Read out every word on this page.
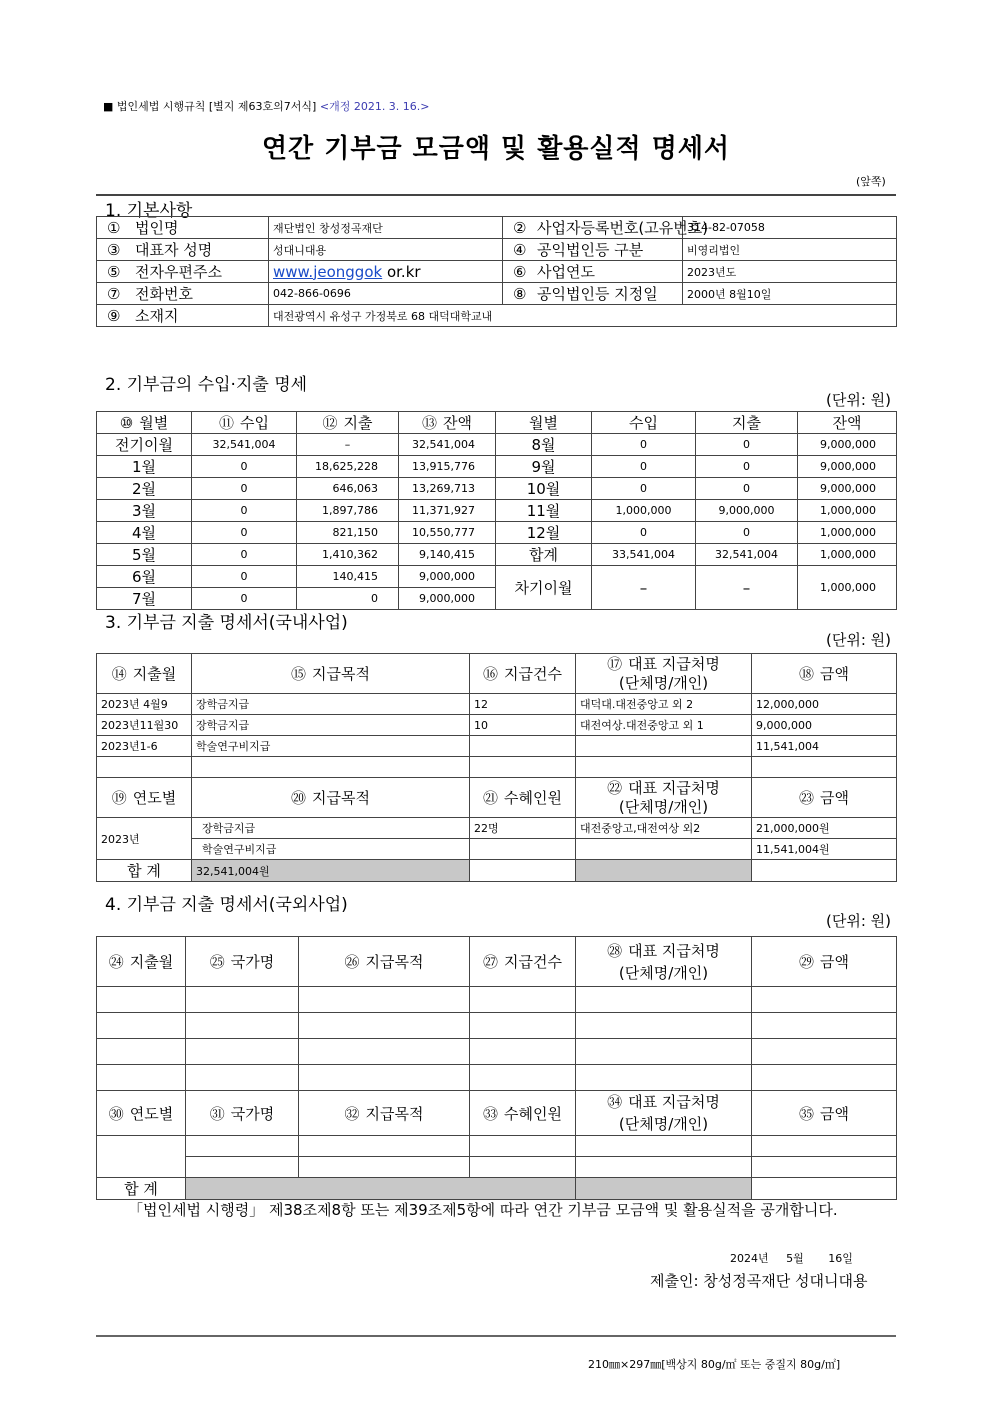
■ 법인세법 시행규칙 [별지 제63호의7서식] <개정 2021. 3. 16.>
연간 기부금 모금액 및 활용실적 명세서
(앞쪽)
1. 기본사항
① 법인명	재단법인 창성정곡재단	② 사업자등록번호(고유번호)	314-82-07058
③ 대표자 성명	성대니대용	④ 공익법인등 구분	비영리법인
⑤ 전자우편주소	www.jeonggok or.kr	⑥ 사업연도	2023년도
⑦ 전화번호	042-866-0696	⑧ 공익법인등 지정일	2000년 8월10일
⑨ 소재지	대전광역시 유성구 가정북로 68 대덕대학교내		
2. 기부금의 수입·지출 명세
(단위: 원)
⑩ 월별	⑪ 수입	⑫ 지출	⑬ 잔액	월별	수입	지출	잔액
전기이월	32,541,004	–	32,541,004	8월	0	0	9,000,000
1월	0	18,625,228	13,915,776	9월	0	0	9,000,000
2월	0	646,063	13,269,713	10월	0	0	9,000,000
3월	0	1,897,786	11,371,927	11월	1,000,000	9,000,000	1,000,000
4월	0	821,150	10,550,777	12월	0	0	1,000,000
5월	0	1,410,362	9,140,415	합계	33,541,004	32,541,004	1,000,000
6월	0	140,415	9,000,000	차기이월	–	–	1,000,000
7월	0	0	9,000,000				
3. 기부금 지출 명세서(국내사업)
(단위: 원)
⑭ 지출월	⑮ 지급목적	⑯ 지급건수	⑰ 대표 지급처명
(단체명/개인)	⑱ 금액
2023년 4월9	장학금지급	12	대덕대.대전중앙고 외 2	12,000,000
2023년11월30	장학금지급	10	대전여상.대전중앙고 외 1	9,000,000
2023년1-6	학술연구비지급			11,541,004

⑲ 연도별	⑳ 지급목적	㉑ 수혜인원	㉒ 대표 지급처명
(단체명/개인)	㉓ 금액
2023년	장학금지급	22명	대전중앙고,대전여상 외2	21,000,000원
	학술연구비지급			11,541,004원
합 계	32,541,004원			
4. 기부금 지출 명세서(국외사업)
(단위: 원)
㉔ 지출월	㉕ 국가명	㉖ 지급목적	㉗ 지급건수	㉘ 대표 지급처명
(단체명/개인)	㉙ 금액

㉚ 연도별	㉛ 국가명	㉜ 지급목적	㉝ 수혜인원	㉞ 대표 지급처명
(단체명/개인)	㉟ 금액

합 계					
「법인세법 시행령」 제38조제8항 또는 제39조제5항에 따라 연간 기부금 모금액 및 활용실적을 공개합니다.
2024년 5월 16일
제출인: 창성정곡재단 성대니대용
210㎜×297㎜[백상지 80g/㎡ 또는 중질지 80g/㎡]
